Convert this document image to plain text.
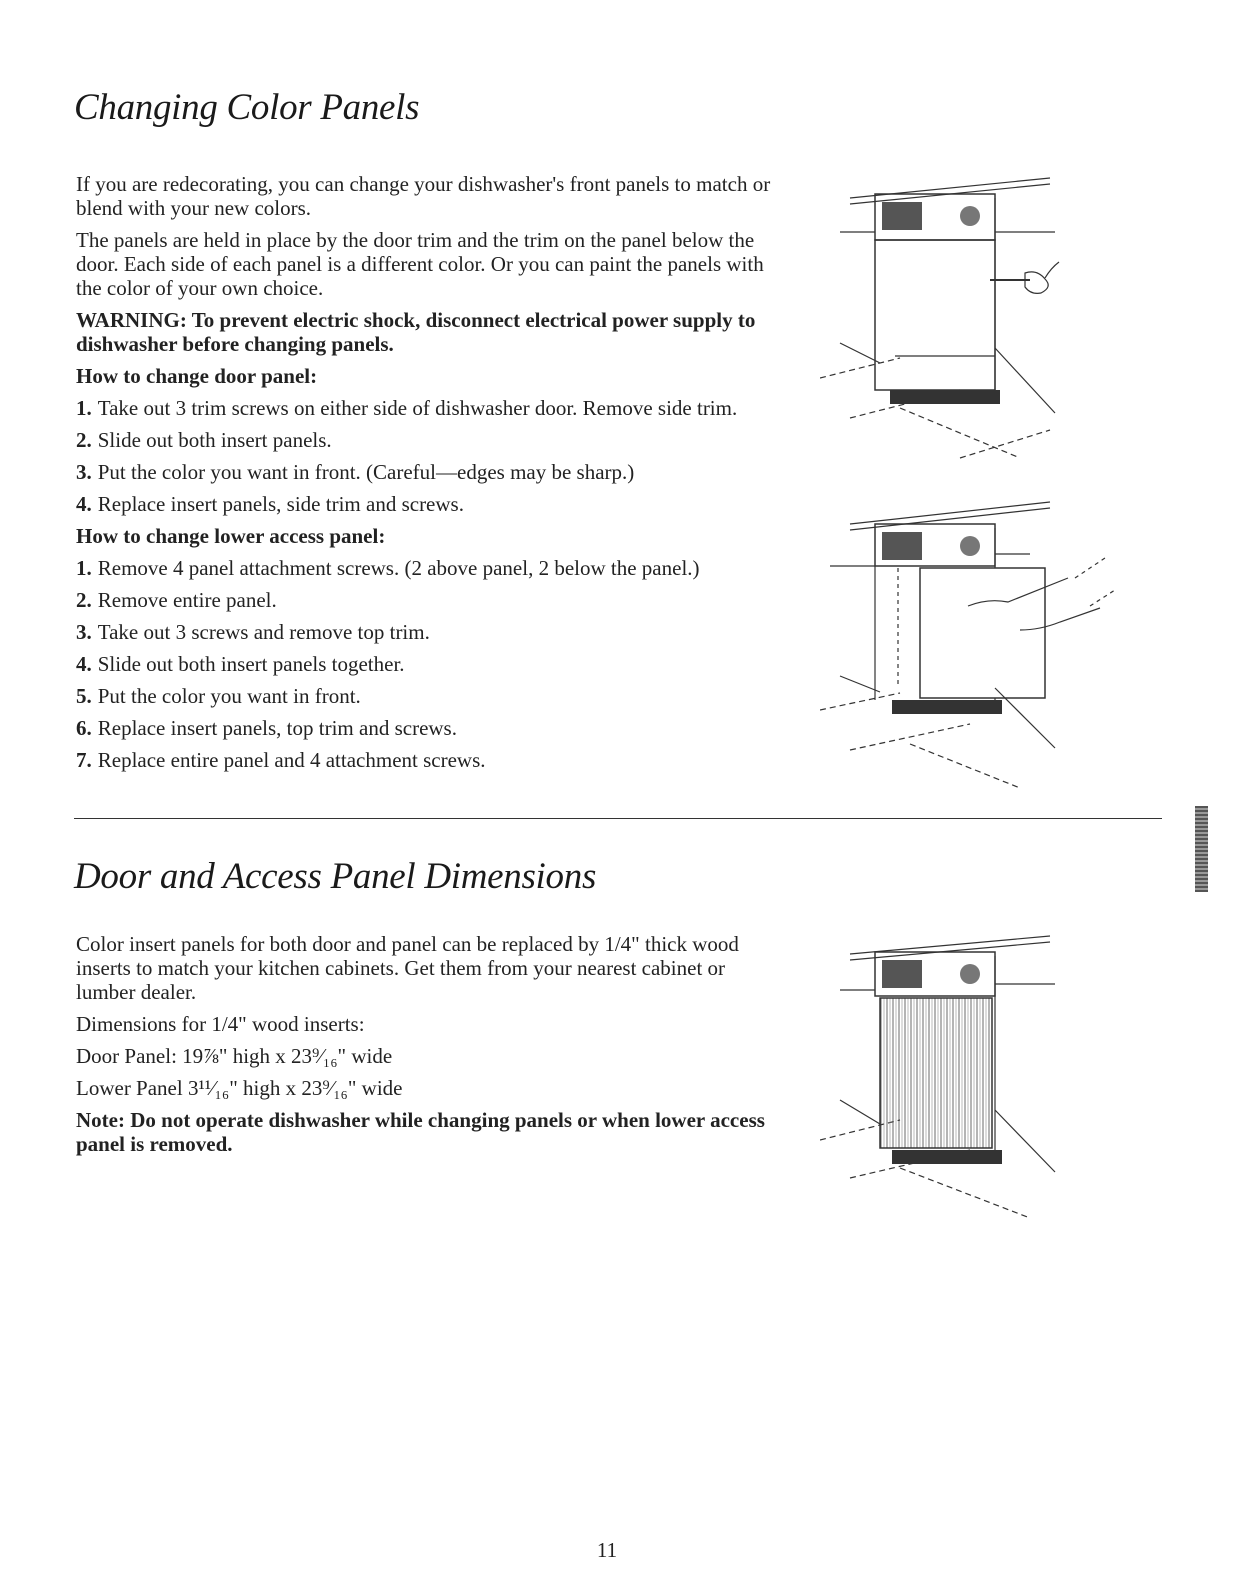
Changing Color Panels

If you are redecorating, you can change your dishwasher's front panels to match or blend with your new colors.

The panels are held in place by the door trim and the trim on the panel below the door. Each side of each panel is a different color. Or you can paint the panels with the color of your own choice.

WARNING: To prevent electric shock, disconnect electrical power supply to dishwasher before changing panels.

How to change door panel:
1. Take out 3 trim screws on either side of dishwasher door. Remove side trim.
2. Slide out both insert panels.
3. Put the color you want in front. (Careful—edges may be sharp.)
4. Replace insert panels, side trim and screws.
How to change lower access panel:
1. Remove 4 panel attachment screws. (2 above panel, 2 below the panel.)
2. Remove entire panel.
3. Take out 3 screws and remove top trim.
4. Slide out both insert panels together.
5. Put the color you want in front.
6. Replace insert panels, top trim and screws.
7. Replace entire panel and 4 attachment screws.
Door and Access Panel Dimensions

Color insert panels for both door and panel can be replaced by 1/4" thick wood inserts to match your kitchen cabinets. Get them from your nearest cabinet or lumber dealer.

Dimensions for 1/4" wood inserts:

Door Panel: 19⅞" high x 23⁹⁄₁₆" wide

Lower Panel 3¹¹⁄₁₆" high x 23⁹⁄₁₆" wide

Note: Do not operate dishwasher while changing panels or when lower access panel is removed.

11
